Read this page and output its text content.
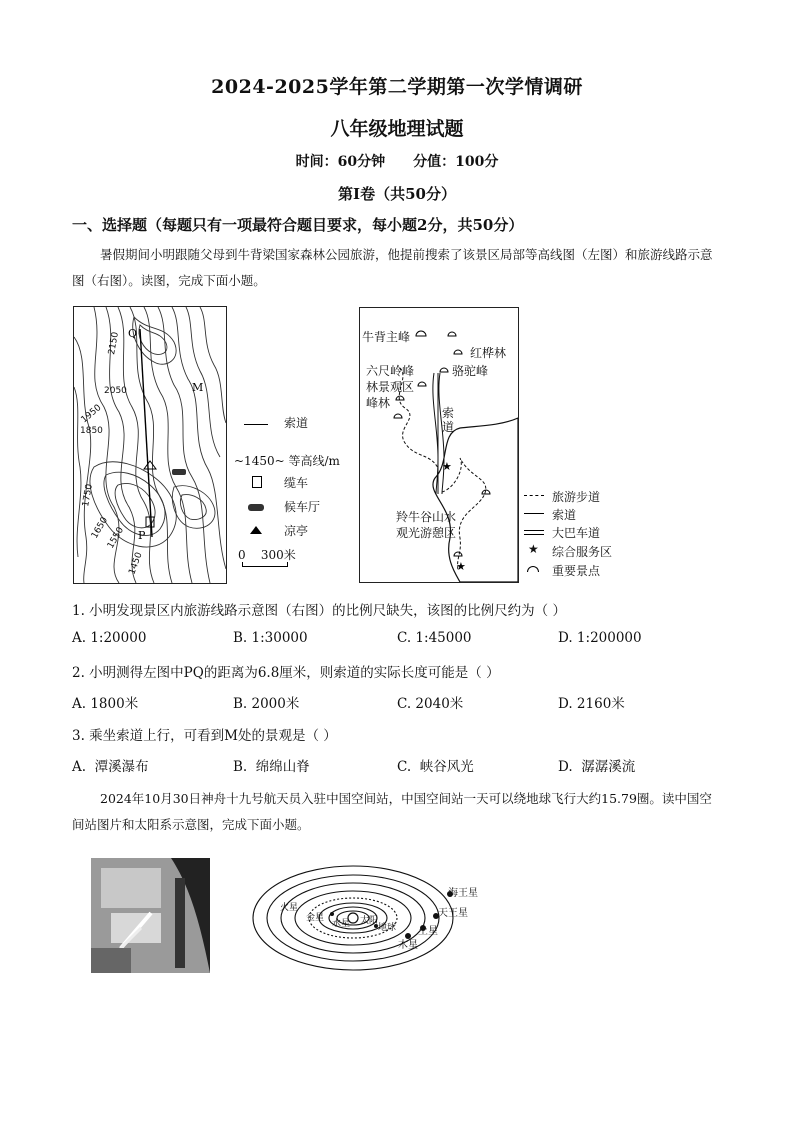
2024-2025学年第二学期第一次学情调研
八年级地理试题
时间：60分钟 分值：100分
第Ⅰ卷（共50分）
一、选择题（每题只有一项最符合题目要求，每小题2分，共50分）
暑假期间小明跟随父母到牛背梁国家森林公园旅游，他提前搜索了该景区局部等高线图（左图）和旅游线路示意图（右图）。读图，完成下面小题。
Q
M
P
2150
2050
1950
1850
1750
1650
1550
1450
索道
~1450~ 等高线/m
缆车
候车厅
凉亭
0    300米
★
★
牛背主峰
红桦林
骆驼峰
六尺岭峰
林景观区
峰林
索道
羚牛谷山水
观光游憩区
旅游步道
索道
大巴车道
★ 综合服务区
重要景点
1. 小明发现景区内旅游线路示意图（右图）的比例尺缺失，该图的比例尺约为（ ）
A. 1:20000	B. 1:30000	C. 1:45000	D. 1:200000
2. 小明测得左图中PQ的距离为6.8厘米，则索道的实际长度可能是（ ）
A. 1800米	B. 2000米	C. 2040米	D. 2160米
3. 乘坐索道上行，可看到M处的景观是（ ）
A.  潭溪瀑布	B.  绵绵山脊	C.  峡谷风光	D.  潺潺溪流
2024年10月30日神舟十九号航天员入驻中国空间站，中国空间站一天可以绕地球飞行大约15.79圈。读中国空间站图片和太阳系示意图，完成下面小题。
海王星
天王星
土星
木星
太阳
地球
火星
金星
水星
